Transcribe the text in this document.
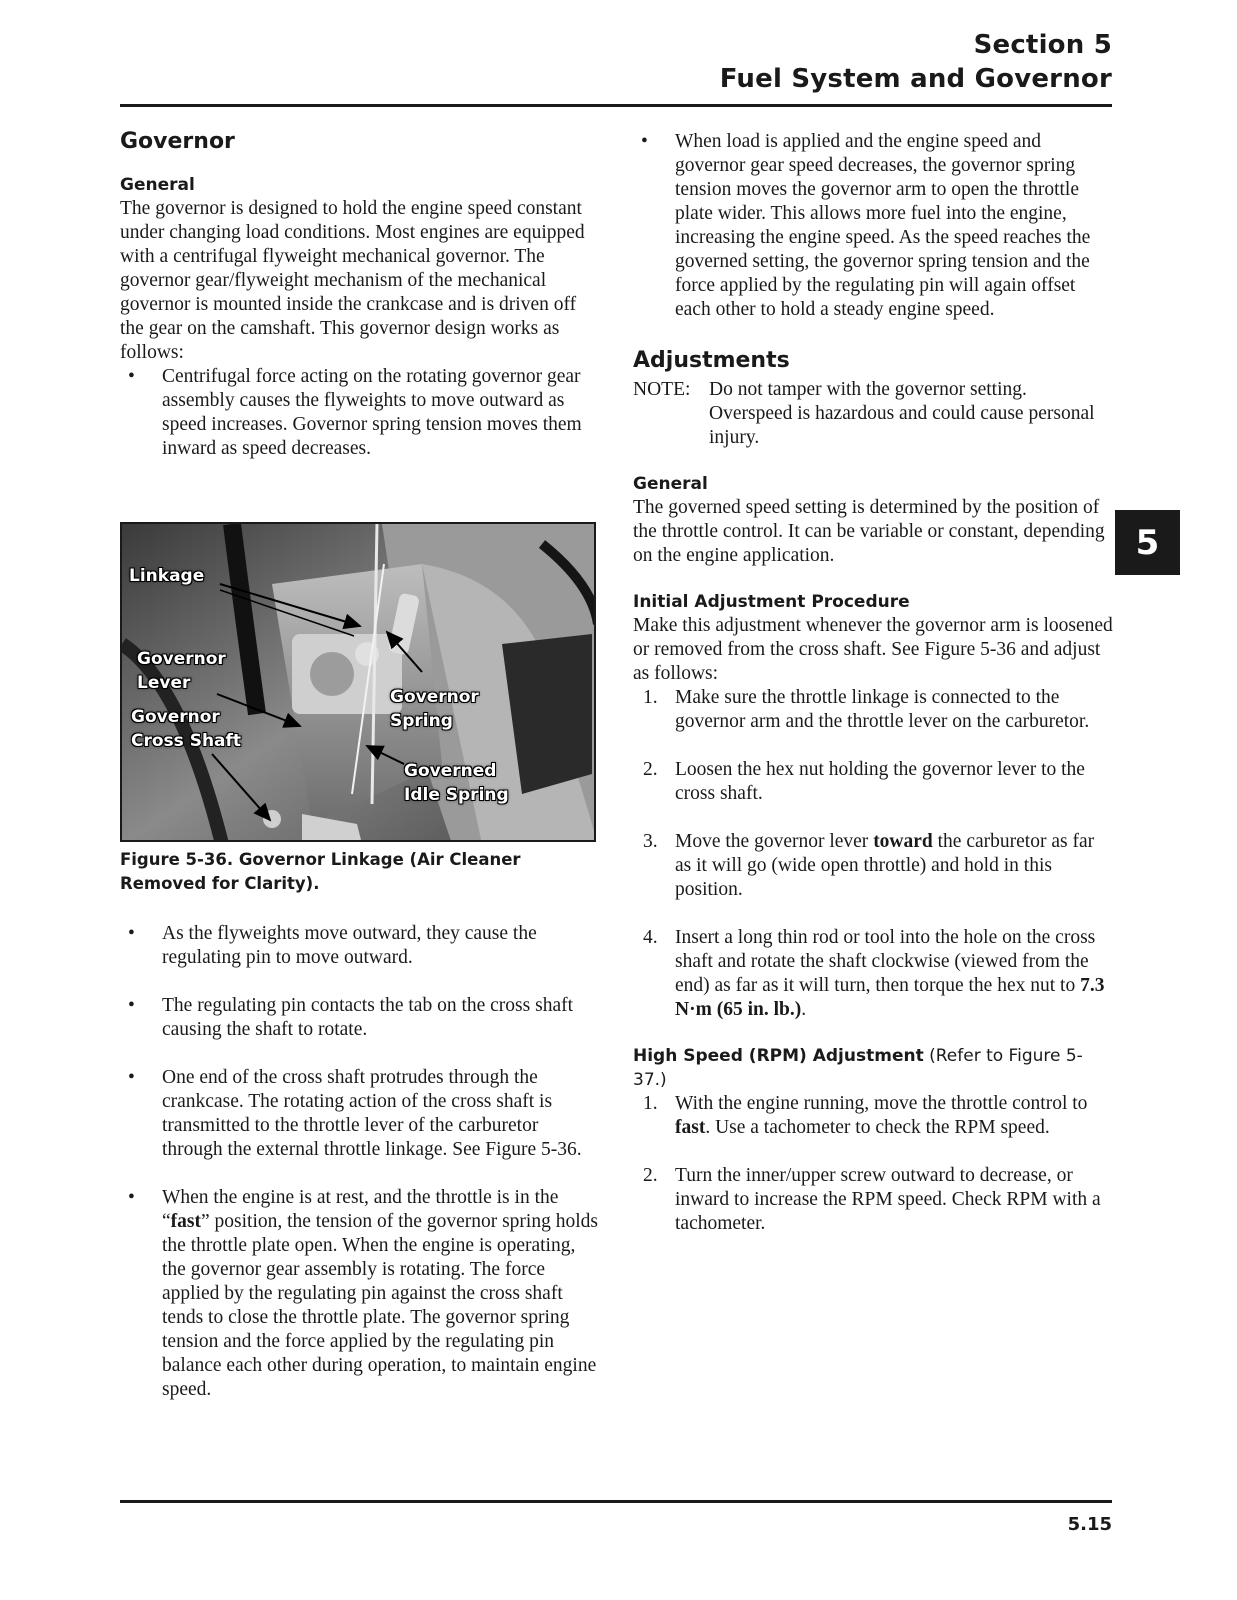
Section 5
Fuel System and Governor
Governor
General

The governor is designed to hold the engine speed constant under changing load conditions. Most engines are equipped with a centrifugal flyweight mechanical governor. The governor gear/flyweight mechanism of the mechanical governor is mounted inside the crankcase and is driven off the gear on the camshaft. This governor design works as follows:

• Centrifugal force acting on the rotating governor gear assembly causes the flyweights to move outward as speed increases. Governor spring tension moves them inward as speed decreases.
Linkage
Governor
Lever
Governor
Cross Shaft
Governor
Spring
Governed
Idle Spring
Figure 5-36. Governor Linkage (Air Cleaner Removed for Clarity).
• As the flyweights move outward, they cause the regulating pin to move outward.
• The regulating pin contacts the tab on the cross shaft causing the shaft to rotate.
• One end of the cross shaft protrudes through the crankcase. The rotating action of the cross shaft is transmitted to the throttle lever of the carburetor through the external throttle linkage. See Figure 5-36.
• When the engine is at rest, and the throttle is in the “fast” position, the tension of the governor spring holds the throttle plate open. When the engine is operating, the governor gear assembly is rotating. The force applied by the regulating pin against the cross shaft tends to close the throttle plate. The governor spring tension and the force applied by the regulating pin balance each other during operation, to maintain engine speed.
• When load is applied and the engine speed and governor gear speed decreases, the governor spring tension moves the governor arm to open the throttle plate wider. This allows more fuel into the engine, increasing the engine speed. As the speed reaches the governed setting, the governor spring tension and the force applied by the regulating pin will again offset each other to hold a steady engine speed.
Adjustments
NOTE: Do not tamper with the governor setting. Overspeed is hazardous and could cause personal injury.
General

The governed speed setting is determined by the position of the throttle control. It can be variable or constant, depending on the engine application.

Initial Adjustment Procedure

Make this adjustment whenever the governor arm is loosened or removed from the cross shaft. See Figure 5-36 and adjust as follows:

1. Make sure the throttle linkage is connected to the governor arm and the throttle lever on the carburetor.
2. Loosen the hex nut holding the governor lever to the cross shaft.
3. Move the governor lever toward the carburetor as far as it will go (wide open throttle) and hold in this position.
4. Insert a long thin rod or tool into the hole on the cross shaft and rotate the shaft clockwise (viewed from the end) as far as it will turn, then torque the hex nut to 7.3 N·m (65 in. lb.).

High Speed (RPM) Adjustment (Refer to Figure 5-37.)

1. With the engine running, move the throttle control to fast. Use a tachometer to check the RPM speed.
2. Turn the inner/upper screw outward to decrease, or inward to increase the RPM speed. Check RPM with a tachometer.
5
5.15
